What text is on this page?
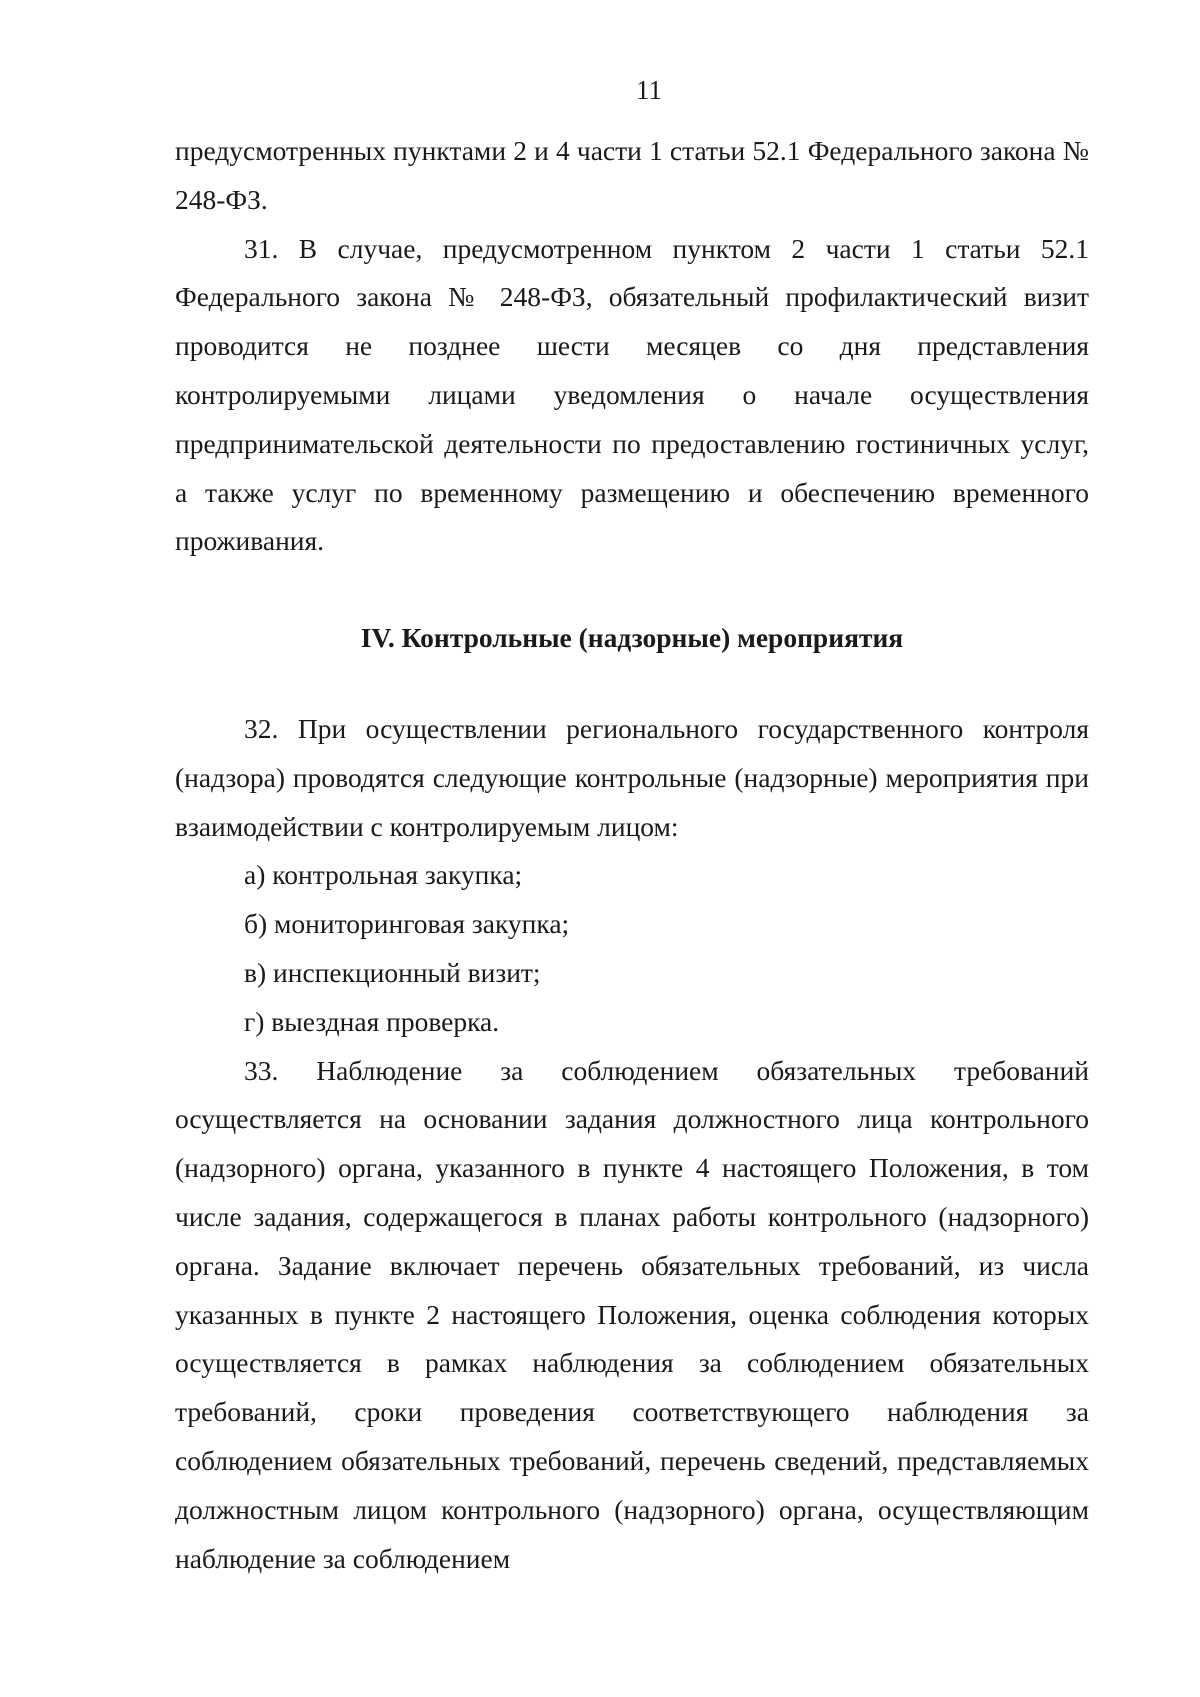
11

предусмотренных пунктами 2 и 4 части 1 статьи 52.1 Федерального закона № 248-ФЗ.

31. В случае, предусмотренном пунктом 2 части 1 статьи 52.1 Федерального закона № 248-ФЗ, обязательный профилактический визит проводится не позднее шести месяцев со дня представления контролируемыми лицами уведомления о начале осуществления предпринимательской деятельности по предоставлению гостиничных услуг, а также услуг по временному размещению и обеспечению временного проживания.

IV. Контрольные (надзорные) мероприятия

32. При осуществлении регионального государственного контроля (надзора) проводятся следующие контрольные (надзорные) мероприятия при взаимодействии с контролируемым лицом:

а) контрольная закупка;

б) мониторинговая закупка;

в) инспекционный визит;

г) выездная проверка.

33. Наблюдение за соблюдением обязательных требований осуществляется на основании задания должностного лица контрольного (надзорного) органа, указанного в пункте 4 настоящего Положения, в том числе задания, содержащегося в планах работы контрольного (надзорного) органа. Задание включает перечень обязательных требований, из числа указанных в пункте 2 настоящего Положения, оценка соблюдения которых осуществляется в рамках наблюдения за соблюдением обязательных требований, сроки проведения соответствующего наблюдения за соблюдением обязательных требований, перечень сведений, представляемых должностным лицом контрольного (надзорного) органа, осуществляющим наблюдение за соблюдением
